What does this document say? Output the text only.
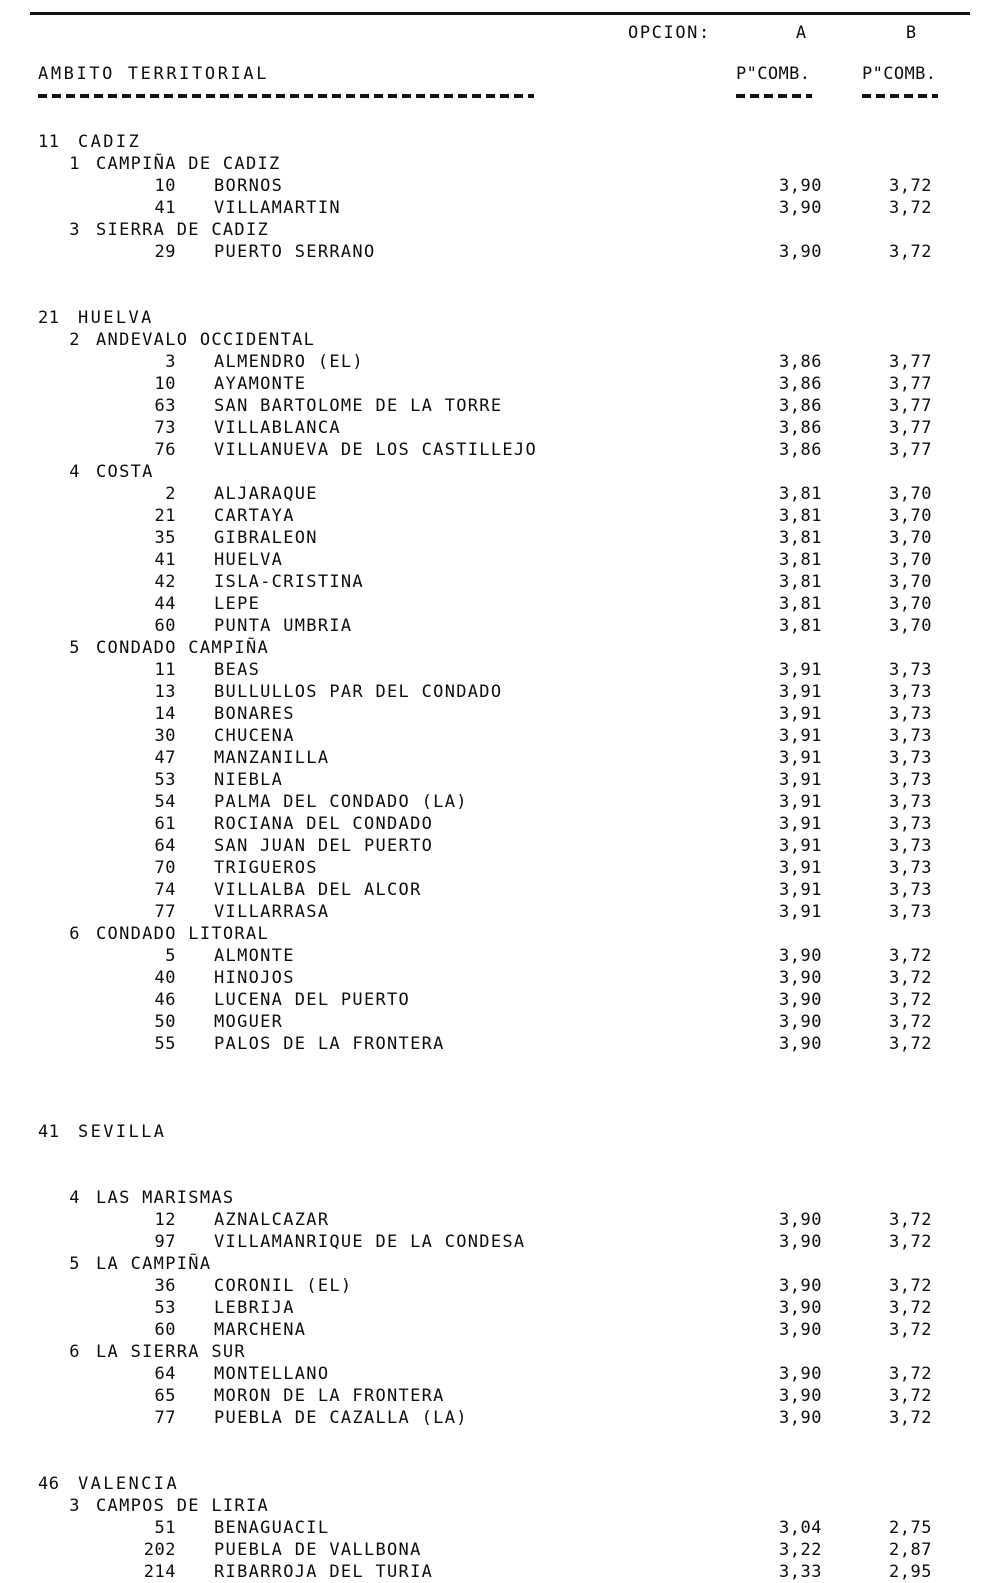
OPCION:	A	B
AMBITO TERRITORIAL	P"COMB.	P"COMB.
11 CADIZ
1 CAMPIÑA DE CADIZ
10 BORNOS	3,90	3,72
41 VILLAMARTIN	3,90	3,72
3 SIERRA DE CADIZ
29 PUERTO SERRANO	3,90	3,72
21 HUELVA
2 ANDEVALO OCCIDENTAL
3 ALMENDRO (EL)	3,86	3,77
10 AYAMONTE	3,86	3,77
63 SAN BARTOLOME DE LA TORRE	3,86	3,77
73 VILLABLANCA	3,86	3,77
76 VILLANUEVA DE LOS CASTILLEJO	3,86	3,77
4 COSTA
2 ALJARAQUE	3,81	3,70
21 CARTAYA	3,81	3,70
35 GIBRALEON	3,81	3,70
41 HUELVA	3,81	3,70
42 ISLA-CRISTINA	3,81	3,70
44 LEPE	3,81	3,70
60 PUNTA UMBRIA	3,81	3,70
5 CONDADO CAMPIÑA
11 BEAS	3,91	3,73
13 BULLULLOS PAR DEL CONDADO	3,91	3,73
14 BONARES	3,91	3,73
30 CHUCENA	3,91	3,73
47 MANZANILLA	3,91	3,73
53 NIEBLA	3,91	3,73
54 PALMA DEL CONDADO (LA)	3,91	3,73
61 ROCIANA DEL CONDADO	3,91	3,73
64 SAN JUAN DEL PUERTO	3,91	3,73
70 TRIGUEROS	3,91	3,73
74 VILLALBA DEL ALCOR	3,91	3,73
77 VILLARRASA	3,91	3,73
6 CONDADO LITORAL
5 ALMONTE	3,90	3,72
40 HINOJOS	3,90	3,72
46 LUCENA DEL PUERTO	3,90	3,72
50 MOGUER	3,90	3,72
55 PALOS DE LA FRONTERA	3,90	3,72
41 SEVILLA
4 LAS MARISMAS
12 AZNALCAZAR	3,90	3,72
97 VILLAMANRIQUE DE LA CONDESA	3,90	3,72
5 LA CAMPIÑA
36 CORONIL (EL)	3,90	3,72
53 LEBRIJA	3,90	3,72
60 MARCHENA	3,90	3,72
6 LA SIERRA SUR
64 MONTELLANO	3,90	3,72
65 MORON DE LA FRONTERA	3,90	3,72
77 PUEBLA DE CAZALLA (LA)	3,90	3,72
46 VALENCIA
3 CAMPOS DE LIRIA
51 BENAGUACIL	3,04	2,75
202 PUEBLA DE VALLBONA	3,22	2,87
214 RIBARROJA DEL TURIA	3,33	2,95
